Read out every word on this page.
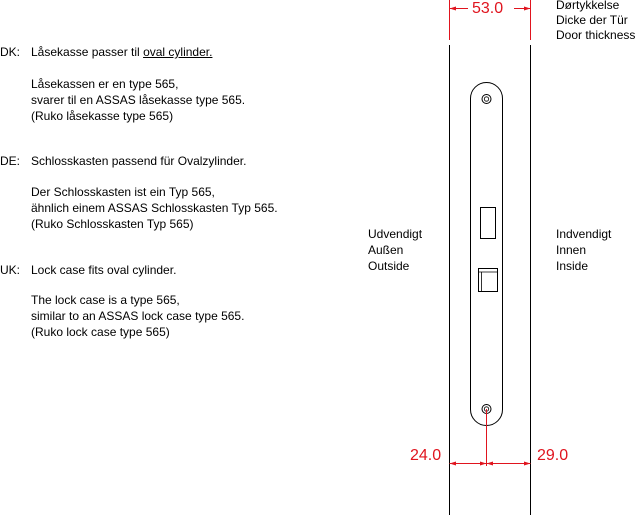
DK: Låsekasse passer til oval cylinder.
Låsekassen er en type 565,
svarer til en ASSAS låsekasse type 565.
(Ruko låsekasse type 565)
DE: Schlosskasten passend für Ovalzylinder.
Der Schlosskasten ist ein Typ 565,
ähnlich einem ASSAS Schlosskasten Typ 565.
(Ruko Schlosskasten Typ 565)
UK: Lock case fits oval cylinder.
The lock case is a type 565,
similar to an ASSAS lock case type 565.
(Ruko lock case type 565)
Udvendigt
Außen
Outside
Indvendigt
Innen
Inside
Dørtykkelse
Dicke der Tür
Door thickness
53.0
24.0	29.0
